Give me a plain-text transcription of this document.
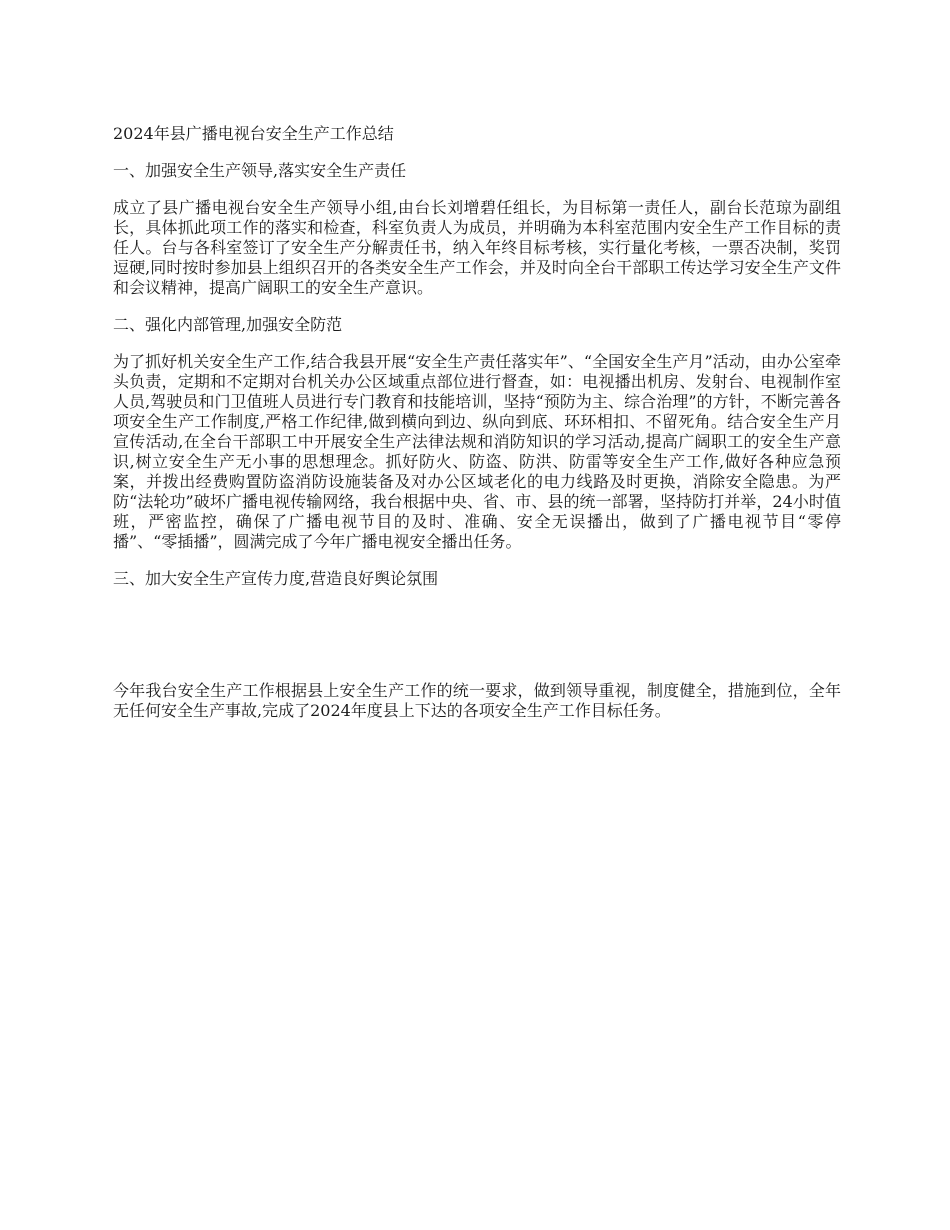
2024年县广播电视台安全生产工作总结

一、加强安全生产领导,落实安全生产责任

成立了县广播电视台安全生产领导小组,由台长刘增碧任组长，为目标第一责任人，副台长范琼为副组长，具体抓此项工作的落实和检查，科室负责人为成员，并明确为本科室范围内安全生产工作目标的责任人。台与各科室签订了安全生产分解责任书，纳入年终目标考核，实行量化考核，一票否决制，奖罚逗硬,同时按时参加县上组织召开的各类安全生产工作会，并及时向全台干部职工传达学习安全生产文件和会议精神，提高广阔职工的安全生产意识。

二、强化内部管理,加强安全防范

为了抓好机关安全生产工作,结合我县开展“安全生产责任落实年”、“全国安全生产月”活动，由办公室牵头负责，定期和不定期对台机关办公区域重点部位进行督查，如：电视播出机房、发射台、电视制作室人员,驾驶员和门卫值班人员进行专门教育和技能培训，坚持“预防为主、综合治理”的方针，不断完善各项安全生产工作制度,严格工作纪律,做到横向到边、纵向到底、环环相扣、不留死角。结合安全生产月宣传活动,在全台干部职工中开展安全生产法律法规和消防知识的学习活动,提高广阔职工的安全生产意识,树立安全生产无小事的思想理念。抓好防火、防盗、防洪、防雷等安全生产工作,做好各种应急预案，并拨出经费购置防盗消防设施装备及对办公区域老化的电力线路及时更换，消除安全隐患。为严防“法轮功”破坏广播电视传输网络，我台根据中央、省、市、县的统一部署，坚持防打并举，24小时值班，严密监控，确保了广播电视节目的及时、准确、安全无误播出，做到了广播电视节目“零停播”、“零插播”，圆满完成了今年广播电视安全播出任务。

三、加大安全生产宣传力度,营造良好舆论氛围

今年我台安全生产工作根据县上安全生产工作的统一要求，做到领导重视，制度健全，措施到位，全年无任何安全生产事故,完成了2024年度县上下达的各项安全生产工作目标任务。
